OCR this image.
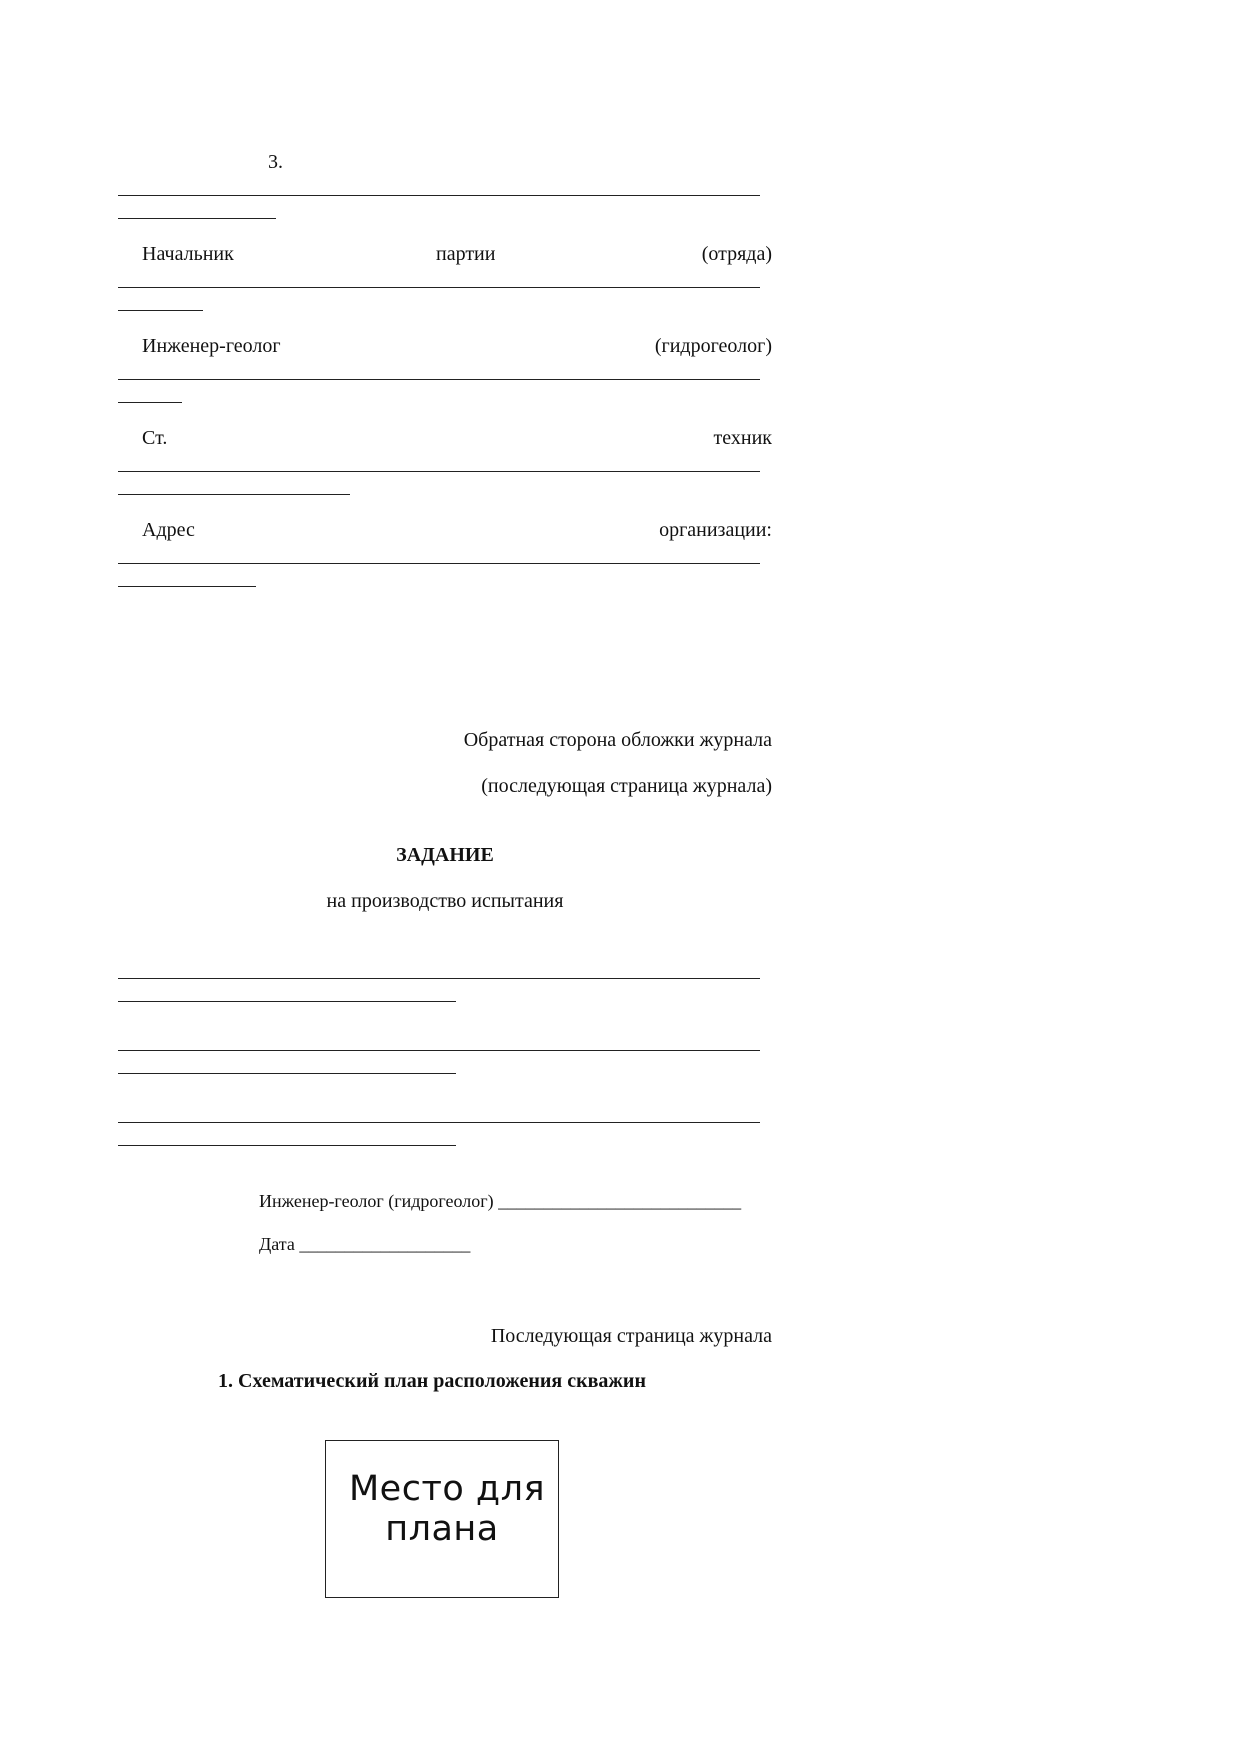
3.
Начальник	партии	(отряда)
Инженер-геолог	(гидрогеолог)
Ст.	техник
Адрес	организации:
Обратная сторона обложки журнала
(последующая страница журнала)
ЗАДАНИЕ
на производство испытания
Инженер-геолог (гидрогеолог) ___________________________
Дата ___________________
Последующая страница журнала
1. Схематический план расположения скважин
Место для
плана
